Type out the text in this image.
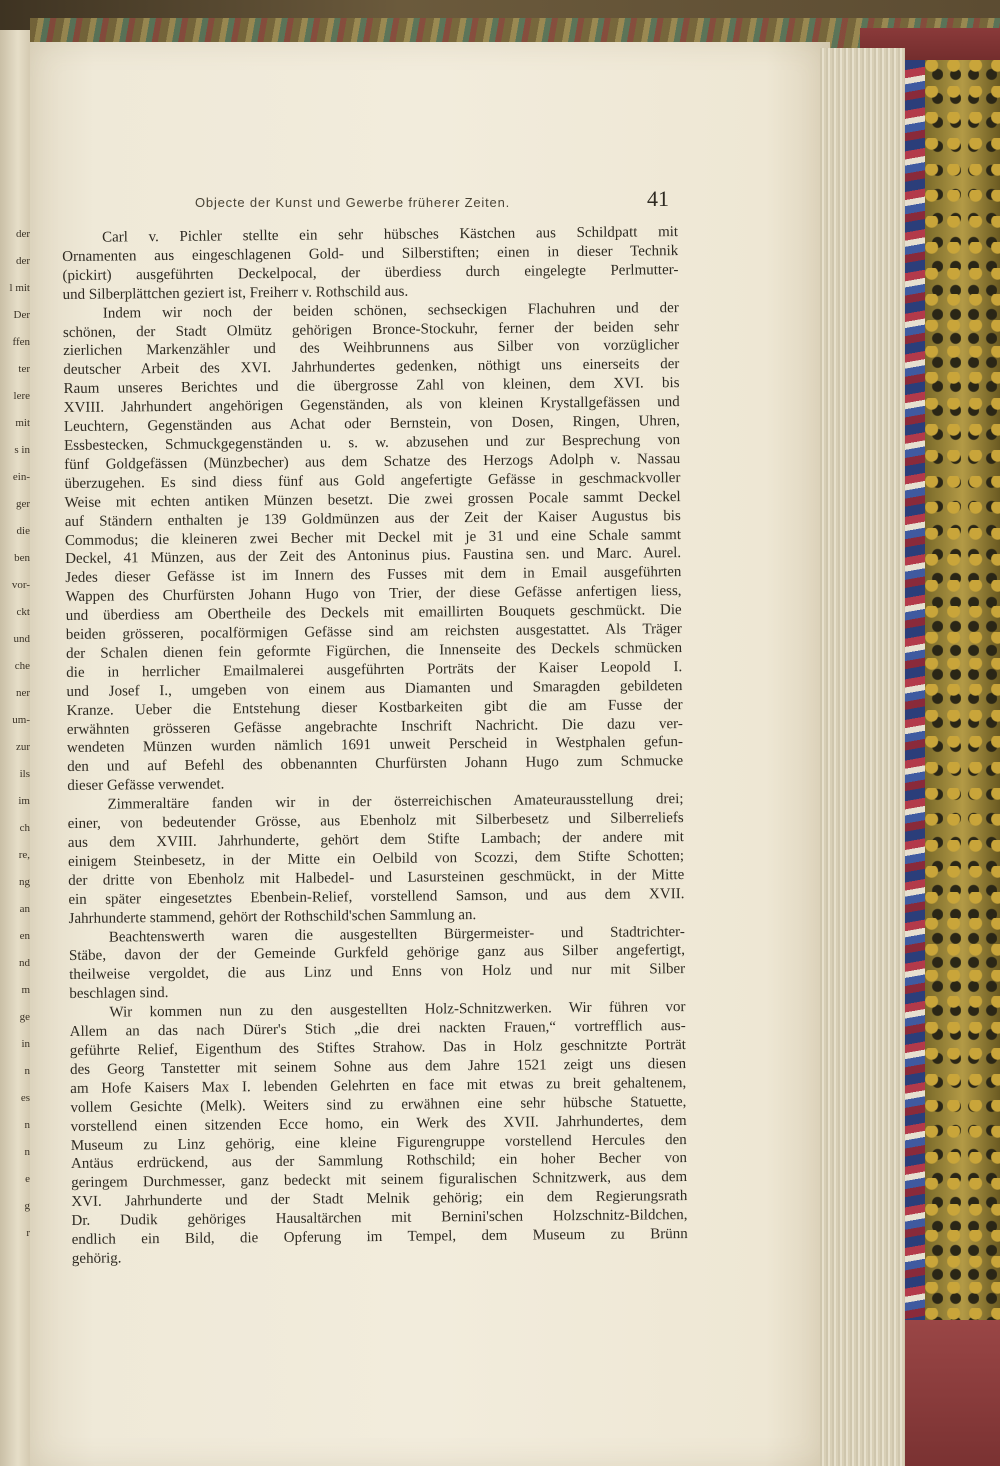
der
der
l mit
Der
ffen
ter
lere
mit
s in
ein-
ger
die
ben
vor-
ckt
und
che
ner
um-
zur
ils
im
ch
re,
ng
an
en
nd
m
ge
in
n
es
n
n
e
g
r
Objecte der Kunst und Gewerbe früherer Zeiten.	41
Carl v. Pichler stellte ein sehr hübsches Kästchen aus Schildpatt mit
Ornamenten aus eingeschlagenen Gold- und Silberstiften; einen in dieser Technik
(pickirt) ausgeführten Deckelpocal, der überdiess durch eingelegte Perlmutter-
und Silberplättchen geziert ist, Freiherr v. Rothschild aus.
Indem wir noch der beiden schönen, sechseckigen Flachuhren und der
schönen, der Stadt Olmütz gehörigen Bronce-Stockuhr, ferner der beiden sehr
zierlichen Markenzähler und des Weihbrunnens aus Silber von vorzüglicher
deutscher Arbeit des XVI. Jahrhundertes gedenken, nöthigt uns einerseits der
Raum unseres Berichtes und die übergrosse Zahl von kleinen, dem XVI. bis
XVIII. Jahrhundert angehörigen Gegenständen, als von kleinen Krystallgefässen und
Leuchtern, Gegenständen aus Achat oder Bernstein, von Dosen, Ringen, Uhren,
Essbestecken, Schmuckgegenständen u. s. w. abzusehen und zur Besprechung von
fünf Goldgefässen (Münzbecher) aus dem Schatze des Herzogs Adolph v. Nassau
überzugehen. Es sind diess fünf aus Gold angefertigte Gefässe in geschmackvoller
Weise mit echten antiken Münzen besetzt. Die zwei grossen Pocale sammt Deckel
auf Ständern enthalten je 139 Goldmünzen aus der Zeit der Kaiser Augustus bis
Commodus; die kleineren zwei Becher mit Deckel mit je 31 und eine Schale sammt
Deckel, 41 Münzen, aus der Zeit des Antoninus pius. Faustina sen. und Marc. Aurel.
Jedes dieser Gefässe ist im Innern des Fusses mit dem in Email ausgeführten
Wappen des Churfürsten Johann Hugo von Trier, der diese Gefässe anfertigen liess,
und überdiess am Obertheile des Deckels mit emaillirten Bouquets geschmückt. Die
beiden grösseren, pocalförmigen Gefässe sind am reichsten ausgestattet. Als Träger
der Schalen dienen fein geformte Figürchen, die Innenseite des Deckels schmücken
die in herrlicher Emailmalerei ausgeführten Porträts der Kaiser Leopold I.
und Josef I., umgeben von einem aus Diamanten und Smaragden gebildeten
Kranze. Ueber die Entstehung dieser Kostbarkeiten gibt die am Fusse der
erwähnten grösseren Gefässe angebrachte Inschrift Nachricht. Die dazu ver-
wendeten Münzen wurden nämlich 1691 unweit Perscheid in Westphalen gefun-
den und auf Befehl des obbenannten Churfürsten Johann Hugo zum Schmucke
dieser Gefässe verwendet.
Zimmeraltäre fanden wir in der österreichischen Amateurausstellung drei;
einer, von bedeutender Grösse, aus Ebenholz mit Silberbesetz und Silberreliefs
aus dem XVIII. Jahrhunderte, gehört dem Stifte Lambach; der andere mit
einigem Steinbesetz, in der Mitte ein Oelbild von Scozzi, dem Stifte Schotten;
der dritte von Ebenholz mit Halbedel- und Lasursteinen geschmückt, in der Mitte
ein später eingesetztes Ebenbein-Relief, vorstellend Samson, und aus dem XVII.
Jahrhunderte stammend, gehört der Rothschild'schen Sammlung an.
Beachtenswerth waren die ausgestellten Bürgermeister- und Stadtrichter-
Stäbe, davon der der Gemeinde Gurkfeld gehörige ganz aus Silber angefertigt,
theilweise vergoldet, die aus Linz und Enns von Holz und nur mit Silber
beschlagen sind.
Wir kommen nun zu den ausgestellten Holz-Schnitzwerken. Wir führen vor
Allem an das nach Dürer's Stich „die drei nackten Frauen,“ vortrefflich aus-
geführte Relief, Eigenthum des Stiftes Strahow. Das in Holz geschnitzte Porträt
des Georg Tanstetter mit seinem Sohne aus dem Jahre 1521 zeigt uns diesen
am Hofe Kaisers Max I. lebenden Gelehrten en face mit etwas zu breit gehaltenem,
vollem Gesichte (Melk). Weiters sind zu erwähnen eine sehr hübsche Statuette,
vorstellend einen sitzenden Ecce homo, ein Werk des XVII. Jahrhundertes, dem
Museum zu Linz gehörig, eine kleine Figurengruppe vorstellend Hercules den
Antäus erdrückend, aus der Sammlung Rothschild; ein hoher Becher von
geringem Durchmesser, ganz bedeckt mit seinem figuralischen Schnitzwerk, aus dem
XVI. Jahrhunderte und der Stadt Melnik gehörig; ein dem Regierungsrath
Dr. Dudik gehöriges Hausaltärchen mit Bernini'schen Holzschnitz-Bildchen,
endlich ein Bild, die Opferung im Tempel, dem Museum zu Brünn
gehörig.
